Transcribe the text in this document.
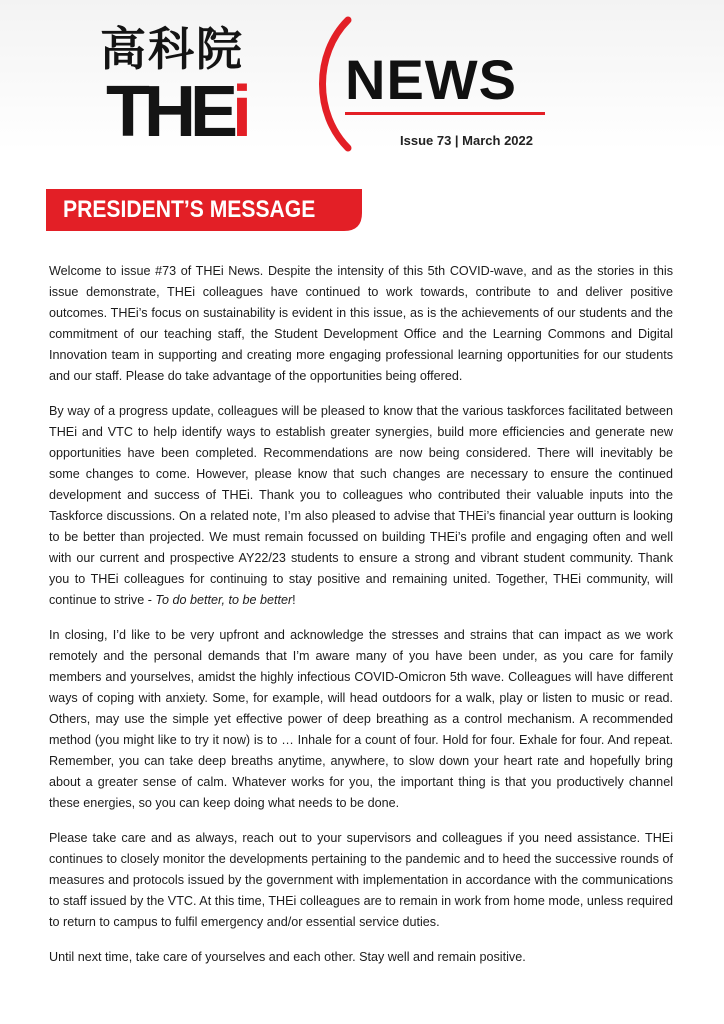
高科院
THEi NEWS
Issue 73 | March 2022
PRESIDENT’S MESSAGE

Welcome to issue #73 of THEi News. Despite the intensity of this 5th COVID-wave, and as the stories in this issue demonstrate, THEi colleagues have continued to work towards, contribute to and deliver positive outcomes. THEi’s focus on sustainability is evident in this issue, as is the achievements of our students and the commitment of our teaching staff, the Student Development Office and the Learning Commons and Digital Innovation team in supporting and creating more engaging professional learning opportunities for our students and our staff. Please do take advantage of the opportunities being offered.

By way of a progress update, colleagues will be pleased to know that the various taskforces facilitated between THEi and VTC to help identify ways to establish greater synergies, build more efficiencies and generate new opportunities have been completed. Recommendations are now being considered. There will inevitably be some changes to come. However, please know that such changes are necessary to ensure the continued development and success of THEi. Thank you to colleagues who contributed their valuable inputs into the Taskforce discussions. On a related note, I’m also pleased to advise that THEi’s financial year outturn is looking to be better than projected. We must remain focussed on building THEi’s profile and engaging often and well with our current and prospective AY22/23 students to ensure a strong and vibrant student community. Thank you to THEi colleagues for continuing to stay positive and remaining united. Together, THEi community, will continue to strive - To do better, to be better!

In closing, I’d like to be very upfront and acknowledge the stresses and strains that can impact as we work remotely and the personal demands that I’m aware many of you have been under, as you care for family members and yourselves, amidst the highly infectious COVID-Omicron 5th wave. Colleagues will have different ways of coping with anxiety. Some, for example, will head outdoors for a walk, play or listen to music or read. Others, may use the simple yet effective power of deep breathing as a control mechanism. A recommended method (you might like to try it now) is to … Inhale for a count of four. Hold for four. Exhale for four. And repeat. Remember, you can take deep breaths anytime, anywhere, to slow down your heart rate and hopefully bring about a greater sense of calm. Whatever works for you, the important thing is that you productively channel these energies, so you can keep doing what needs to be done.

Please take care and as always, reach out to your supervisors and colleagues if you need assistance. THEi continues to closely monitor the developments pertaining to the pandemic and to heed the successive rounds of measures and protocols issued by the government with implementation in accordance with the communications to staff issued by the VTC. At this time, THEi colleagues are to remain in work from home mode, unless required to return to campus to fulfil emergency and/or essential service duties.

Until next time, take care of yourselves and each other. Stay well and remain positive.
